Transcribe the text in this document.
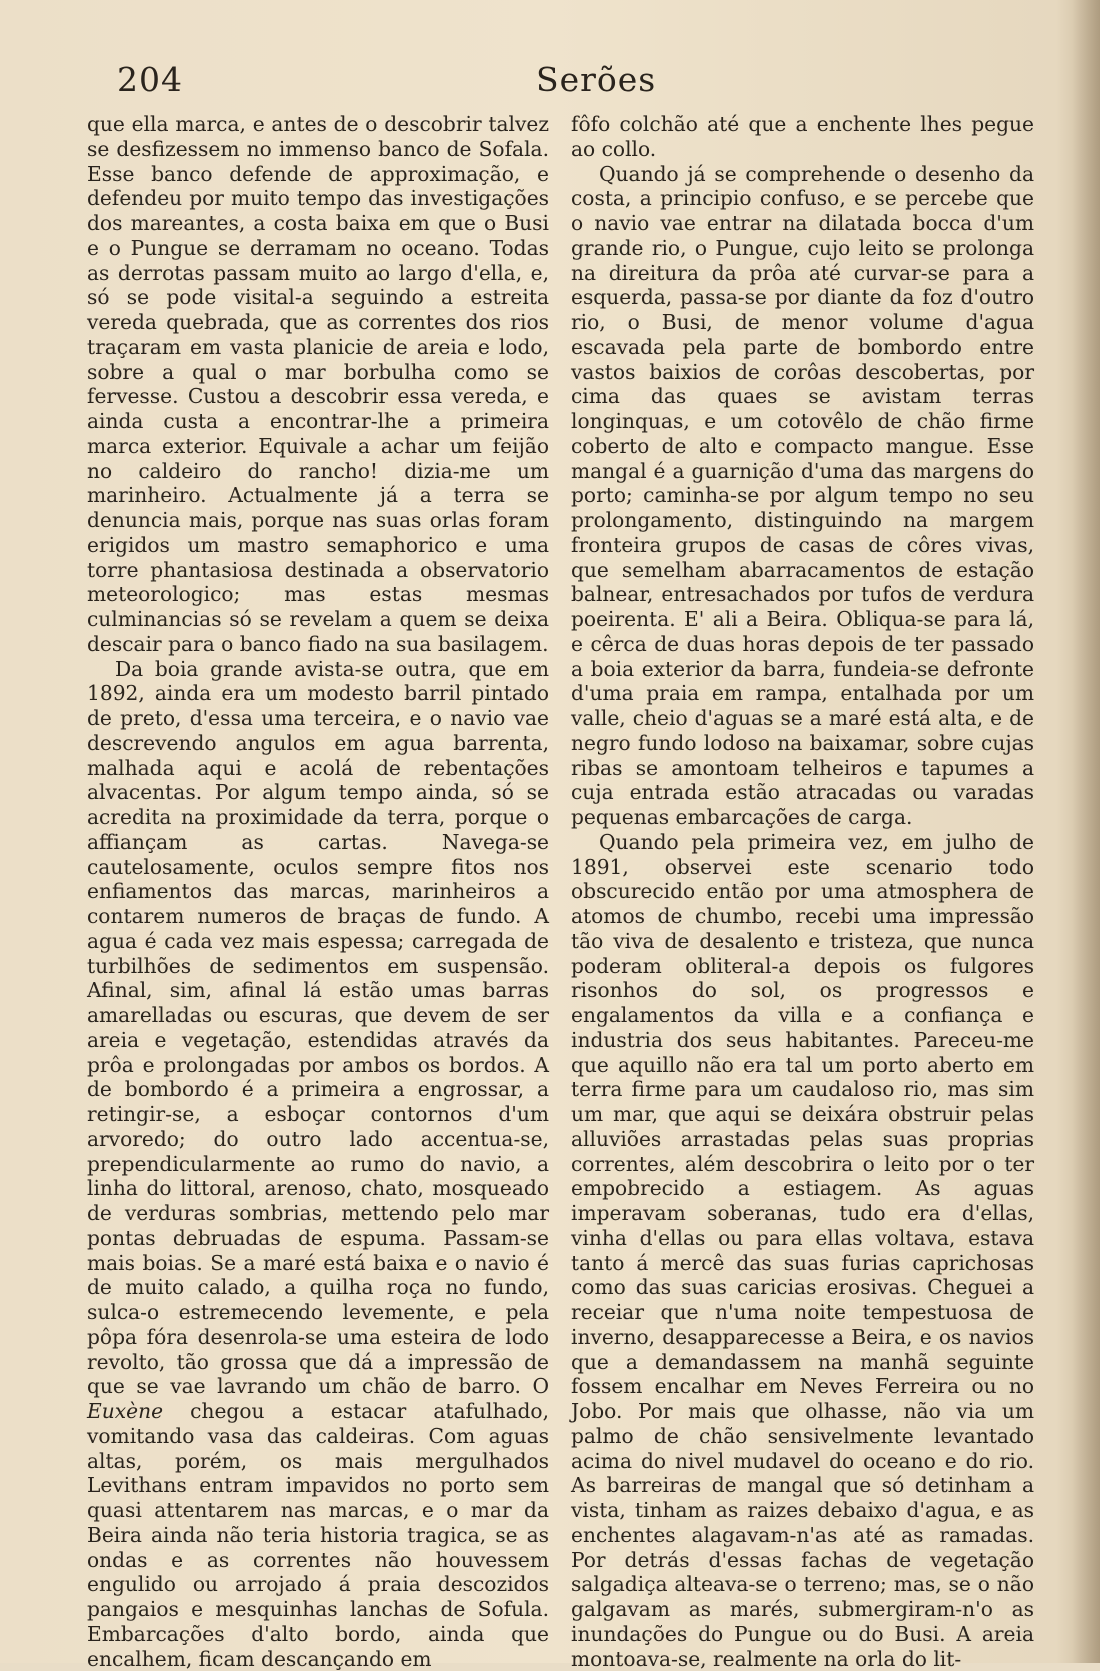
204	Serões

que ella marca, e antes de o descobrir talvez se desfizessem no immenso banco de Sofala. Esse banco defende de approximação, e defendeu por muito tempo das investigações dos mareantes, a costa baixa em que o Busi e o Pungue se derramam no oceano. Todas as derrotas passam muito ao largo d'ella, e, só se pode visital-a seguindo a estreita vereda quebrada, que as correntes dos rios traçaram em vasta planicie de areia e lodo, sobre a qual o mar borbulha como se fervesse. Custou a descobrir essa vereda, e ainda custa a encontrar-lhe a primeira marca exterior. Equivale a achar um feijão no caldeiro do rancho! dizia-me um marinheiro. Actualmente já a terra se denuncia mais, porque nas suas orlas foram erigidos um mastro semaphorico e uma torre phantasiosa destinada a observatorio meteorologico; mas estas mesmas culminancias só se revelam a quem se deixa descair para o banco fiado na sua basilagem.

Da boia grande avista-se outra, que em 1892, ainda era um modesto barril pintado de preto, d'essa uma terceira, e o navio vae descrevendo angulos em agua barrenta, malhada aqui e acolá de rebentações alvacentas. Por algum tempo ainda, só se acredita na proximidade da terra, porque o affiançam as cartas. Navega-se cautelosamente, oculos sempre fitos nos enfiamentos das marcas, marinheiros a contarem numeros de braças de fundo. A agua é cada vez mais espessa; carregada de turbilhões de sedimentos em suspensão. Afinal, sim, afinal lá estão umas barras amarelladas ou escuras, que devem de ser areia e vegetação, estendidas através da prôa e prolongadas por ambos os bordos. A de bombordo é a primeira a engrossar, a retingir-se, a esboçar contornos d'um arvoredo; do outro lado accentua-se, prependicularmente ao rumo do navio, a linha do littoral, arenoso, chato, mosqueado de verduras sombrias, mettendo pelo mar pontas debruadas de espuma. Passam-se mais boias. Se a maré está baixa e o navio é de muito calado, a quilha roça no fundo, sulca-o estremecendo levemente, e pela pôpa fóra desenrola-se uma esteira de lodo revolto, tão grossa que dá a impressão de que se vae lavrando um chão de barro. O Euxène chegou a estacar atafulhado, vomitando vasa das caldeiras. Com aguas altas, porém, os mais mergulhados Levithans entram impavidos no porto sem quasi attentarem nas marcas, e o mar da Beira ainda não teria historia tragica, se as ondas e as correntes não houvessem engulido ou arrojado á praia descozidos pangaios e mesquinhas lanchas de Sofula. Embarcações d'alto bordo, ainda que encalhem, ficam descançando em

fôfo colchão até que a enchente lhes pegue ao collo.

Quando já se comprehende o desenho da costa, a principio confuso, e se percebe que o navio vae entrar na dilatada bocca d'um grande rio, o Pungue, cujo leito se prolonga na direitura da prôa até curvar-se para a esquerda, passa-se por diante da foz d'outro rio, o Busi, de menor volume d'agua escavada pela parte de bombordo entre vastos baixios de corôas descobertas, por cima das quaes se avistam terras longinquas, e um cotovêlo de chão firme coberto de alto e compacto mangue. Esse mangal é a guarnição d'uma das margens do porto; caminha-se por algum tempo no seu prolongamento, distinguindo na margem fronteira grupos de casas de côres vivas, que semelham abarracamentos de estação balnear, entresachados por tufos de verdura poeirenta. E' ali a Beira. Obliqua-se para lá, e cêrca de duas horas depois de ter passado a boia exterior da barra, fundeia-se defronte d'uma praia em rampa, entalhada por um valle, cheio d'aguas se a maré está alta, e de negro fundo lodoso na baixamar, sobre cujas ribas se amontoam telheiros e tapumes a cuja entrada estão atracadas ou varadas pequenas embarcações de carga.

Quando pela primeira vez, em julho de 1891, observei este scenario todo obscurecido então por uma atmosphera de atomos de chumbo, recebi uma impressão tão viva de desalento e tristeza, que nunca poderam obliteral-a depois os fulgores risonhos do sol, os progressos e engalamentos da villa e a confiança e industria dos seus habitantes. Pareceu-me que aquillo não era tal um porto aberto em terra firme para um caudaloso rio, mas sim um mar, que aqui se deixára obstruir pelas alluviões arrastadas pelas suas proprias correntes, além descobrira o leito por o ter empobrecido a estiagem. As aguas imperavam soberanas, tudo era d'ellas, vinha d'ellas ou para ellas voltava, estava tanto á mercê das suas furias caprichosas como das suas caricias erosivas. Cheguei a receiar que n'uma noite tempestuosa de inverno, desapparecesse a Beira, e os navios que a demandassem na manhã seguinte fossem encalhar em Neves Ferreira ou no Jobo. Por mais que olhasse, não via um palmo de chão sensivelmente levantado acima do nivel mudavel do oceano e do rio. As barreiras de mangal que só detinham a vista, tinham as raizes debaixo d'agua, e as enchentes alagavam-n'as até as ramadas. Por detrás d'essas fachas de vegetação salgadiça alteava-se o terreno; mas, se o não galgavam as marés, submergiram-n'o as inundações do Pungue ou do Busi. A areia montoava-se, realmente na orla do lit-
